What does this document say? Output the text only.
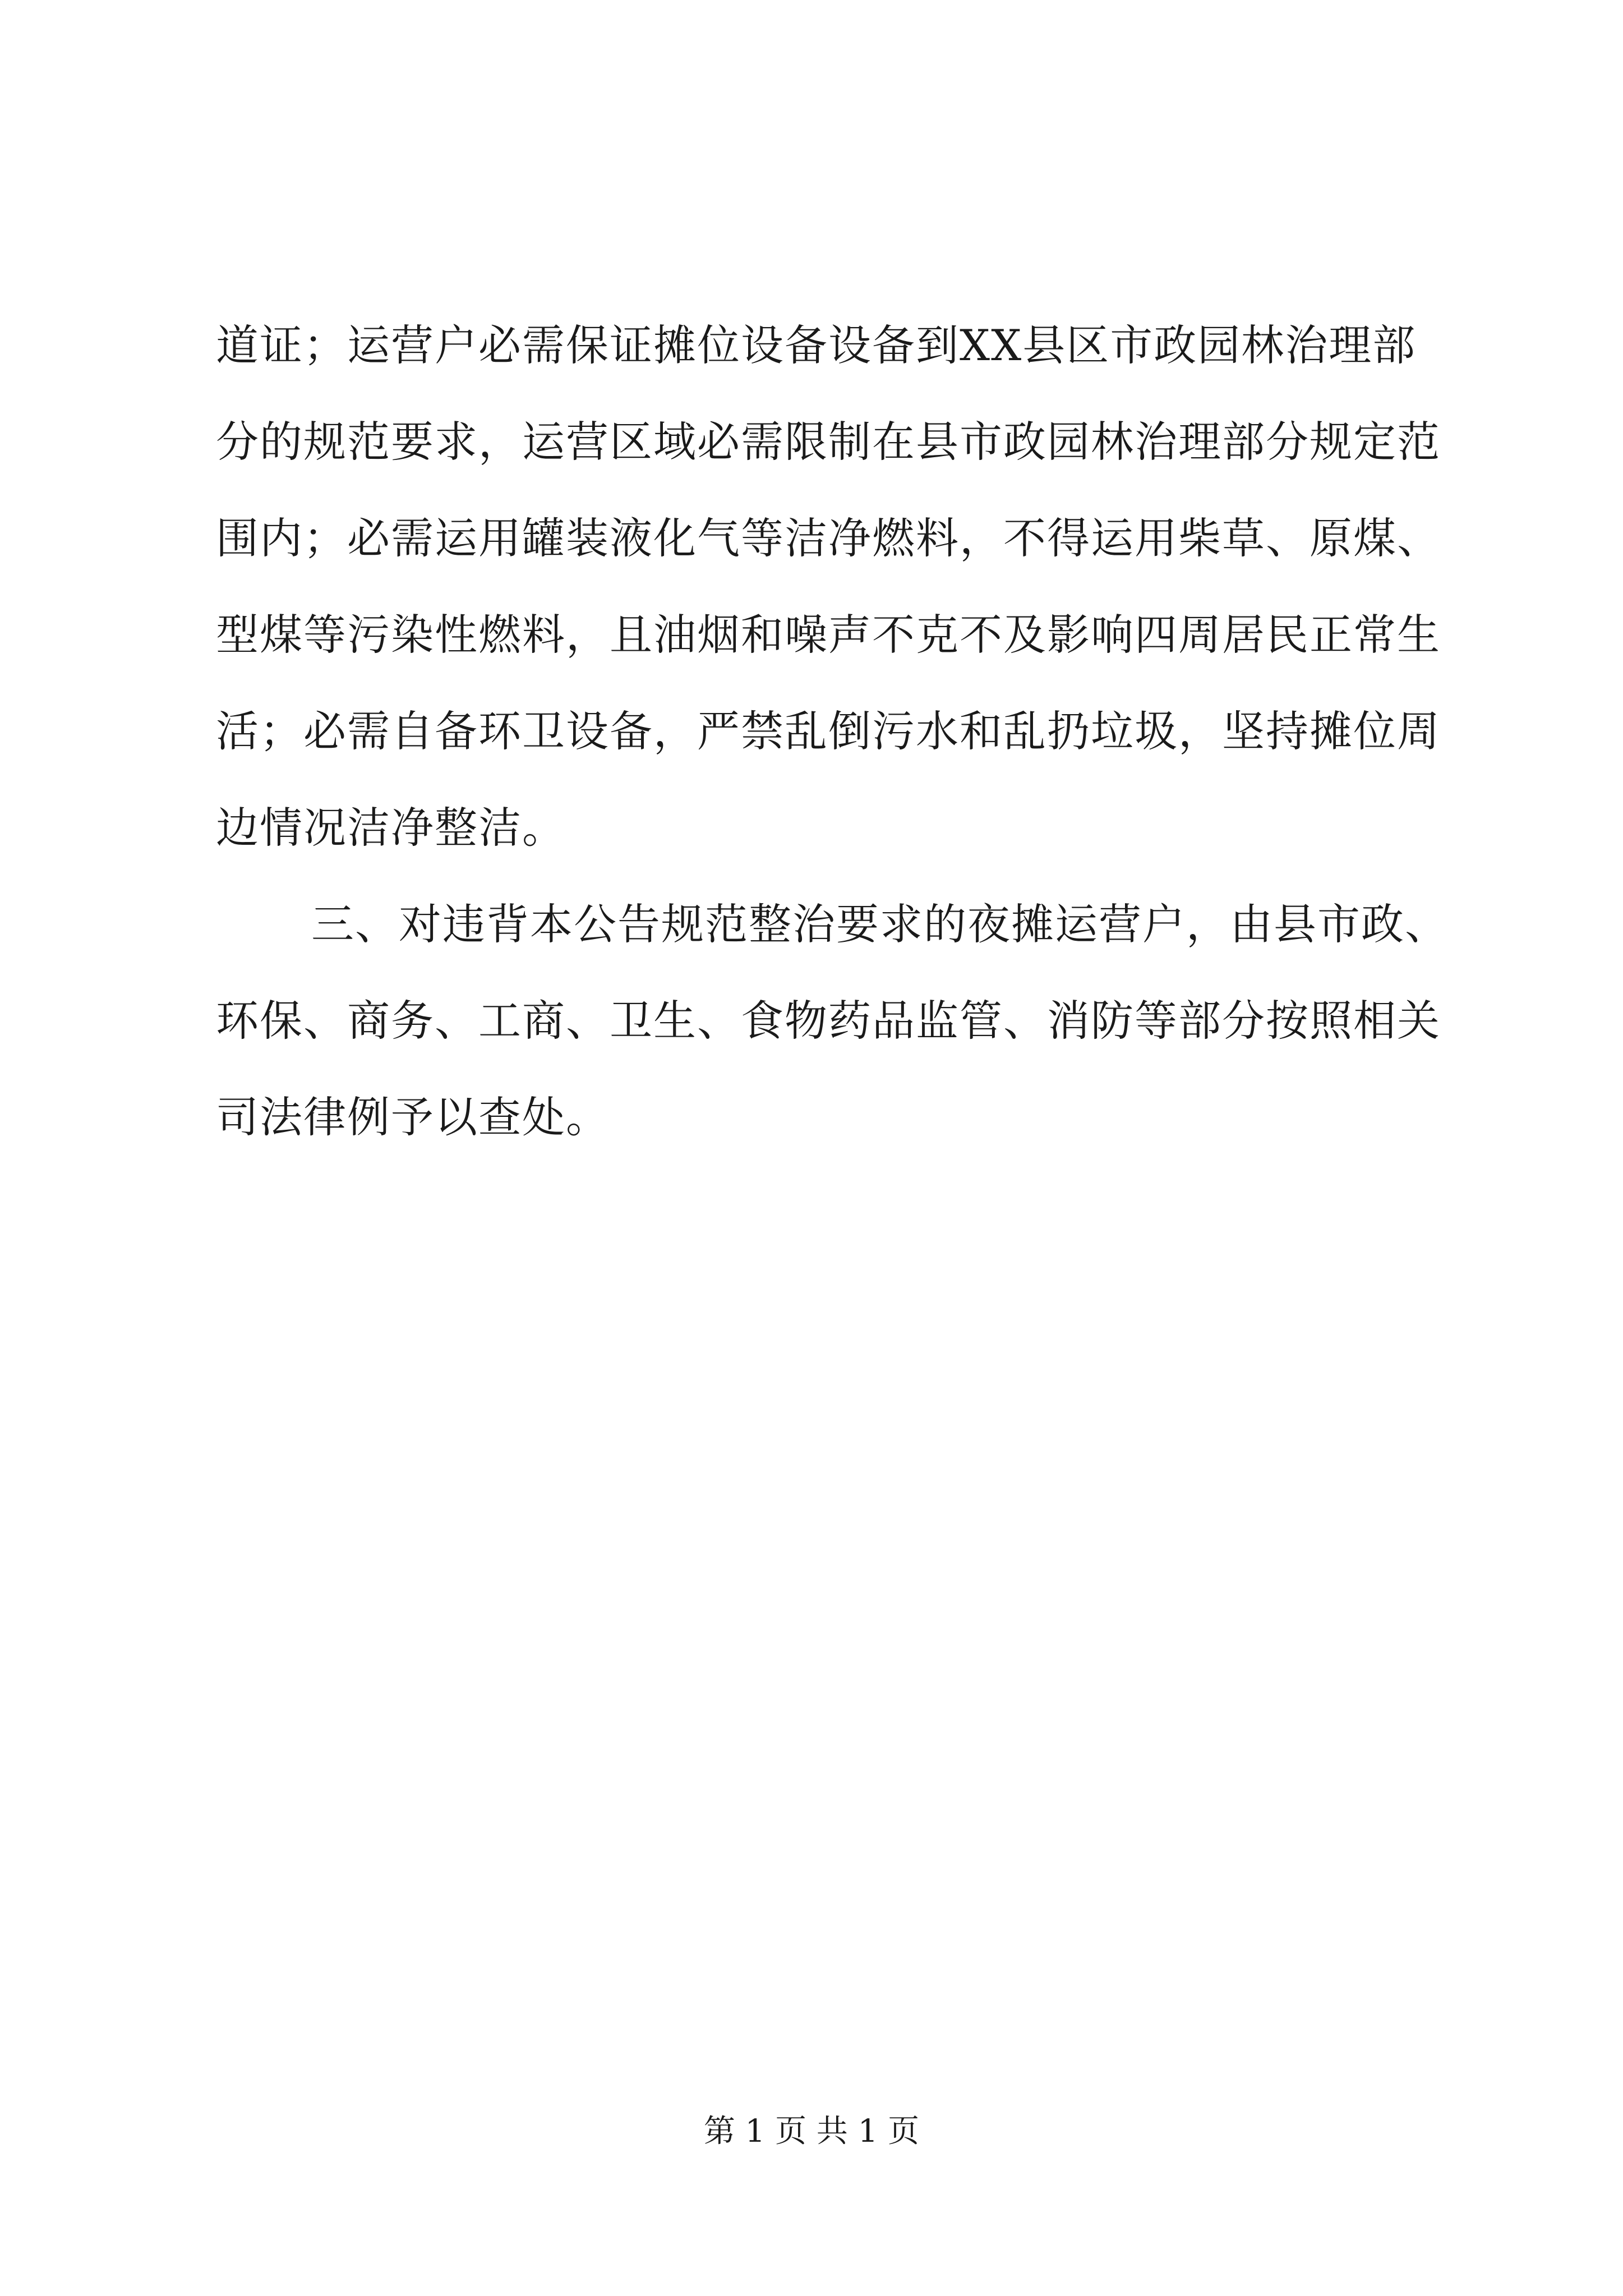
道证；运营户必需保证摊位设备设备到XX县区市政园林治理部
分的规范要求，运营区域必需限制在县市政园林治理部分规定范
围内；必需运用罐装液化气等洁净燃料，不得运用柴草、原煤、
型煤等污染性燃料，且油烟和噪声不克不及影响四周居民正常生
活；必需自备环卫设备，严禁乱倒污水和乱扔垃圾，坚持摊位周
边情况洁净整洁。
三、对违背本公告规范整治要求的夜摊运营户，由县市政、
环保、商务、工商、卫生、食物药品监管、消防等部分按照相关
司法律例予以查处。
第 1 页 共 1 页
